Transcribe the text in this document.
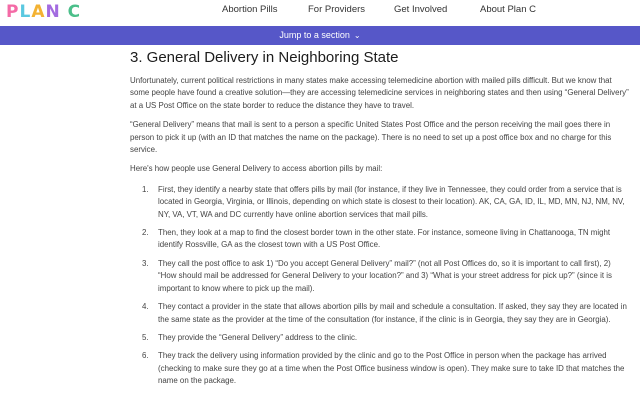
PLAN C	Abortion Pills	For Providers	Get Involved	About Plan C
Jump to a section ⌄
3. General Delivery in Neighboring State

Unfortunately, current political restrictions in many states make accessing telemedicine abortion with mailed pills difficult. But we know that some people have found a creative solution—they are accessing telemedicine services in neighboring states and then using “General Delivery” at a US Post Office on the state border to reduce the distance they have to travel.

“General Delivery” means that mail is sent to a person a specific United States Post Office and the person receiving the mail goes there in person to pick it up (with an ID that matches the name on the package). There is no need to set up a post office box and no charge for this service.

Here's how people use General Delivery to access abortion pills by mail:

1. First, they identify a nearby state that offers pills by mail (for instance, if they live in Tennessee, they could order from a service that is located in Georgia, Virginia, or Illinois, depending on which state is closest to their location). AK, CA, GA, ID, IL, MD, MN, NJ, NM, NV, NY, VA, VT, WA and DC currently have online abortion services that mail pills.
2. Then, they look at a map to find the closest border town in the other state. For instance, someone living in Chattanooga, TN might identify Rossville, GA as the closest town with a US Post Office.
3. They call the post office to ask 1) “Do you accept General Delivery” mail?” (not all Post Offices do, so it is important to call first), 2) “How should mail be addressed for General Delivery to your location?” and 3) “What is your street address for pick up?” (since it is important to know where to pick up the mail).
4. They contact a provider in the state that allows abortion pills by mail and schedule a consultation. If asked, they say they are located in the same state as the provider at the time of the consultation (for instance, if the clinic is in Georgia, they say they are in Georgia).
5. They provide the “General Delivery” address to the clinic.
6. They track the delivery using information provided by the clinic and go to the Post Office in person when the package has arrived (checking to make sure they go at a time when the Post Office business window is open). They make sure to take ID that matches the name on the package.
